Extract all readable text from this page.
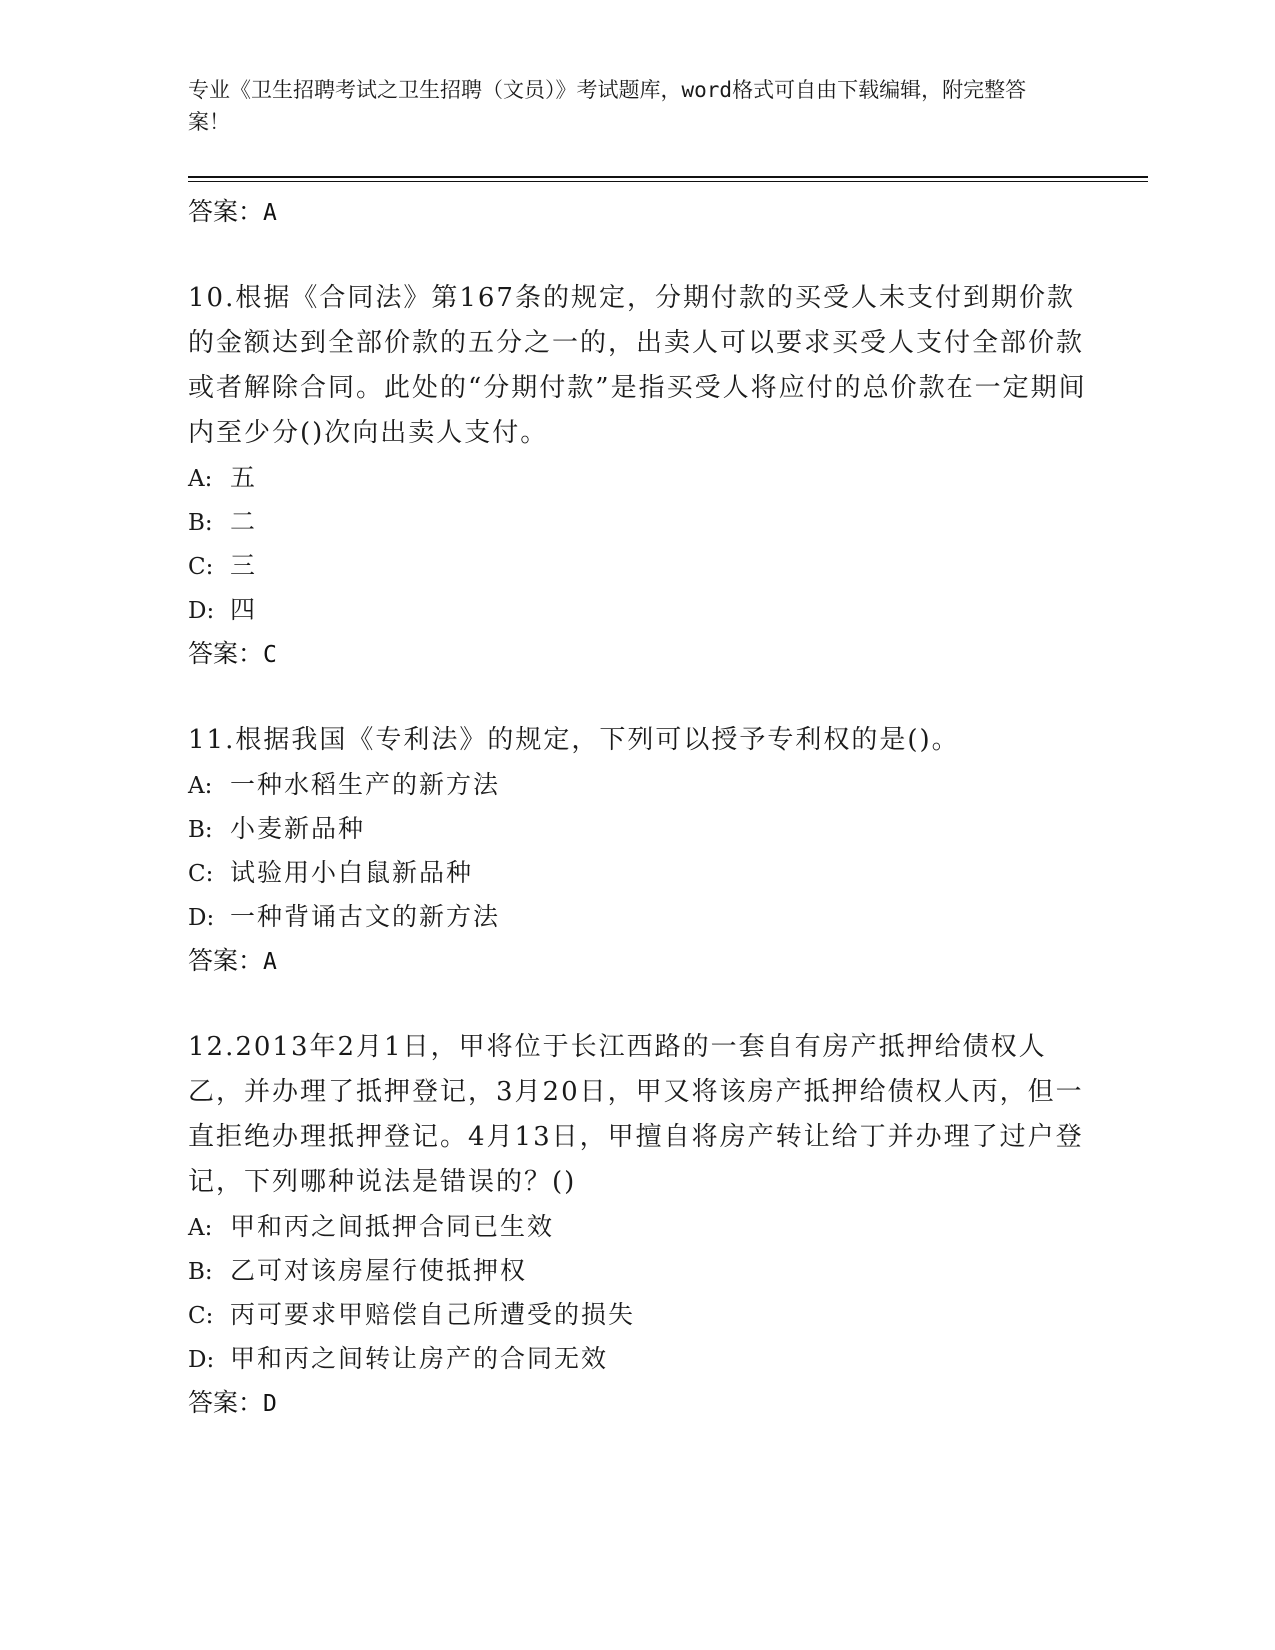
专业《卫生招聘考试之卫生招聘（文员）》考试题库，word格式可自由下载编辑，附完整答案！
答案：A

10.根据《合同法》第167条的规定，分期付款的买受人未支付到期价款的金额达到全部价款的五分之一的，出卖人可以要求买受人支付全部价款或者解除合同。此处的“分期付款”是指买受人将应付的总价款在一定期间内至少分()次向出卖人支付。

A: 五
B: 二
C: 三
D: 四
答案：C

11.根据我国《专利法》的规定，下列可以授予专利权的是()。

A: 一种水稻生产的新方法
B: 小麦新品种
C: 试验用小白鼠新品种
D: 一种背诵古文的新方法
答案：A

12.2013年2月1日，甲将位于长江西路的一套自有房产抵押给债权人乙，并办理了抵押登记，3月20日，甲又将该房产抵押给债权人丙，但一直拒绝办理抵押登记。4月13日，甲擅自将房产转让给丁并办理了过户登记，下列哪种说法是错误的？()

A: 甲和丙之间抵押合同已生效
B: 乙可对该房屋行使抵押权
C: 丙可要求甲赔偿自己所遭受的损失
D: 甲和丙之间转让房产的合同无效
答案：D
